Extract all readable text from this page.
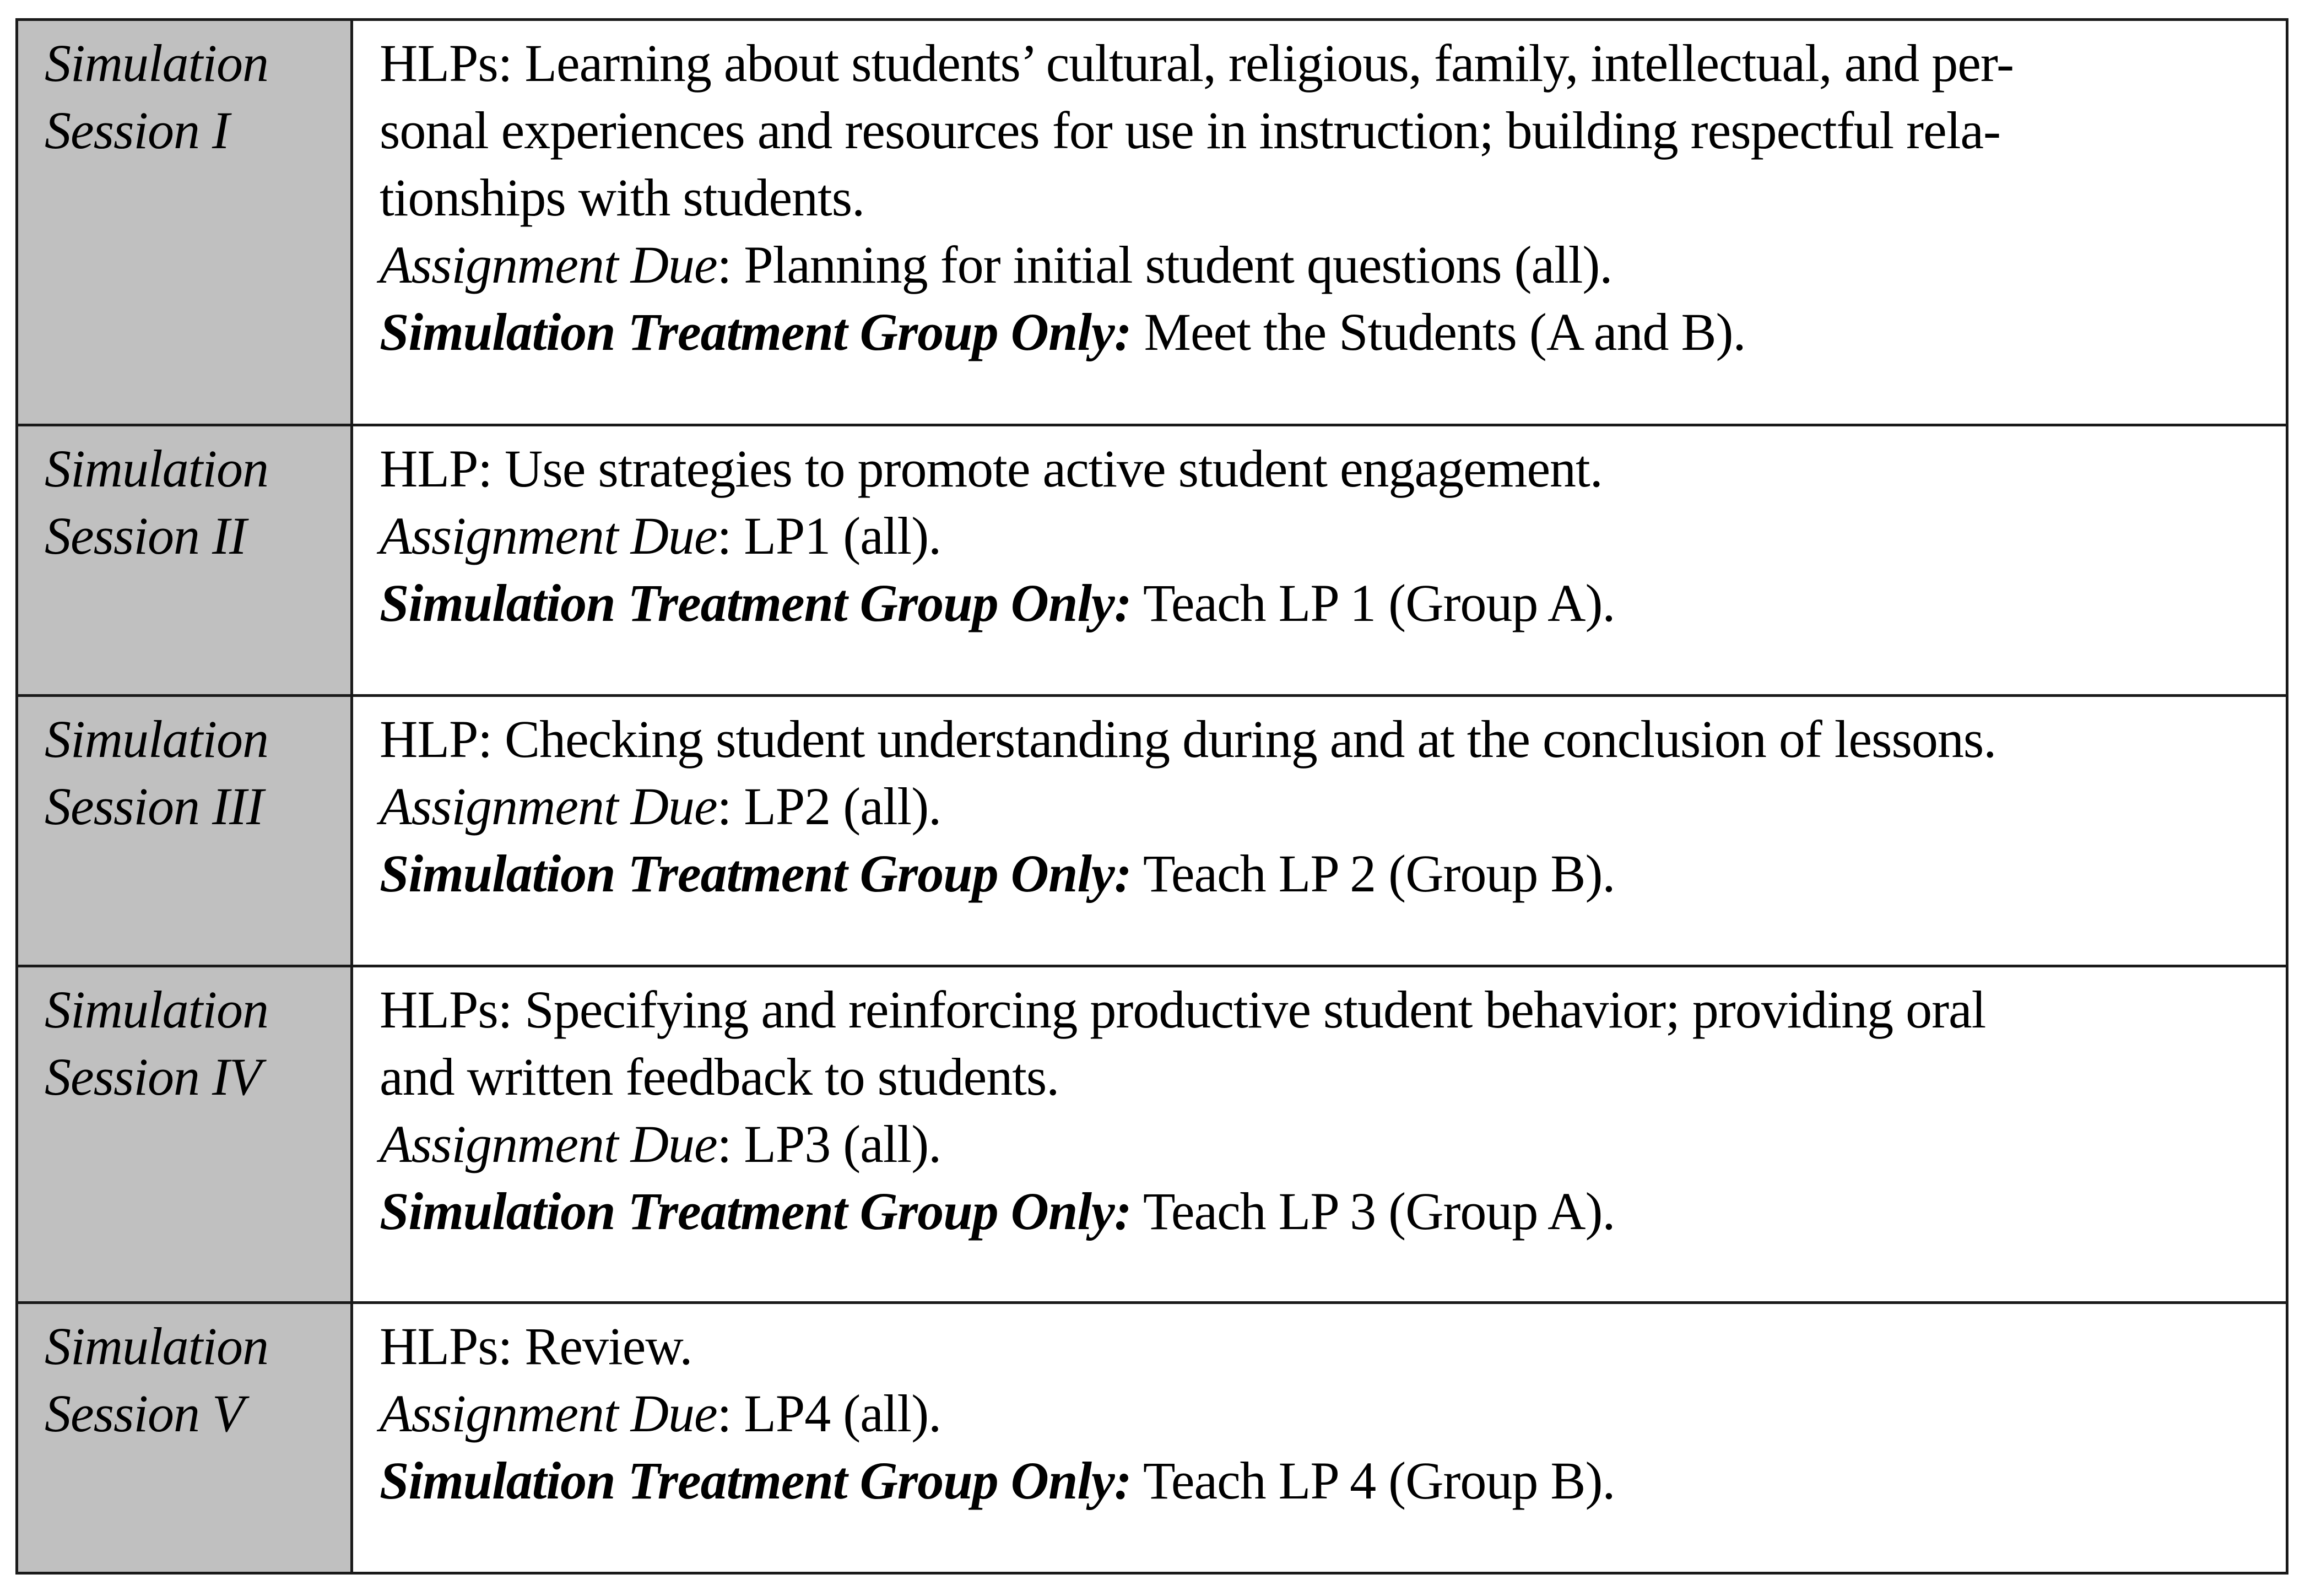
Simulation
Session I	HLPs: Learning about students’ cultural, religious, family, intellectual, and per-
sonal experiences and resources for use in instruction; building respectful rela-
tionships with students.
Assignment Due: Planning for initial student questions (all).
Simulation Treatment Group Only: Meet the Students (A and B).

Simulation
Session II	HLP: Use strategies to promote active student engagement.
Assignment Due: LP1 (all).
Simulation Treatment Group Only: Teach LP 1 (Group A).

Simulation
Session III	HLP: Checking student understanding during and at the conclusion of lessons.
Assignment Due: LP2 (all).
Simulation Treatment Group Only: Teach LP 2 (Group B).

Simulation
Session IV	HLPs: Specifying and reinforcing productive student behavior; providing oral
and written feedback to students.
Assignment Due: LP3 (all).
Simulation Treatment Group Only: Teach LP 3 (Group A).

Simulation
Session V	HLPs: Review.
Assignment Due: LP4 (all).
Simulation Treatment Group Only: Teach LP 4 (Group B).
